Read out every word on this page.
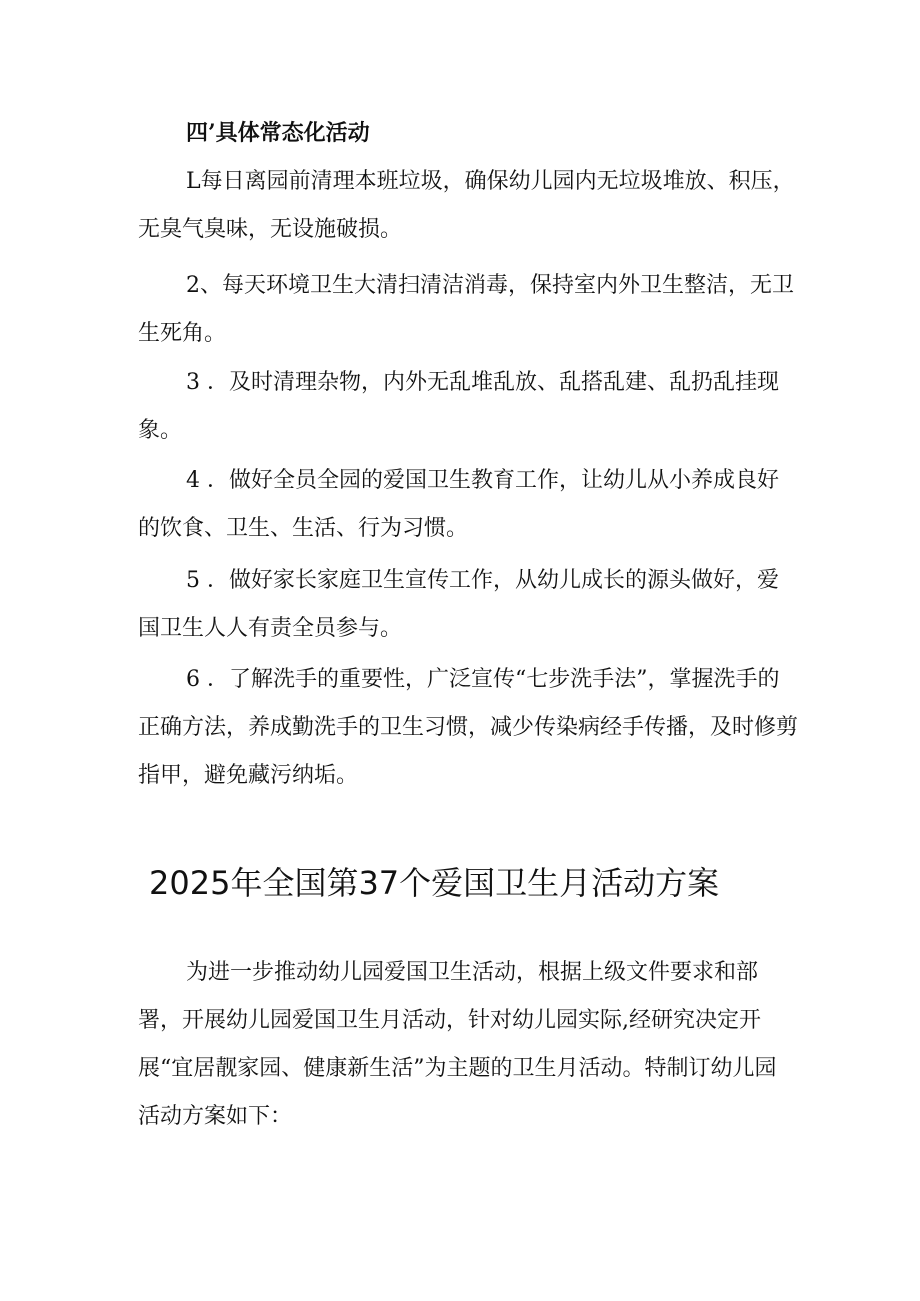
四’具体常态化活动

L每日离园前清理本班垃圾，确保幼儿园内无垃圾堆放、积压，无臭气臭味，无设施破损。

2、每天环境卫生大清扫清洁消毒，保持室内外卫生整洁，无卫生死角。

3 ．及时清理杂物，内外无乱堆乱放、乱搭乱建、乱扔乱挂现象。

4 ．做好全员全园的爱国卫生教育工作，让幼儿从小养成良好的饮食、卫生、生活、行为习惯。

5 ．做好家长家庭卫生宣传工作，从幼儿成长的源头做好，爱国卫生人人有责全员参与。

6 ．了解洗手的重要性，广泛宣传“七步洗手法”，掌握洗手的正确方法，养成勤洗手的卫生习惯，减少传染病经手传播，及时修剪指甲，避免藏污纳垢。

2025年全国第37个爱国卫生月活动方案

为进一步推动幼儿园爱国卫生活动，根据上级文件要求和部署，开展幼儿园爱国卫生月活动，针对幼儿园实际,经研究决定开展“宜居靓家园、健康新生活”为主题的卫生月活动。特制订幼儿园活动方案如下：
